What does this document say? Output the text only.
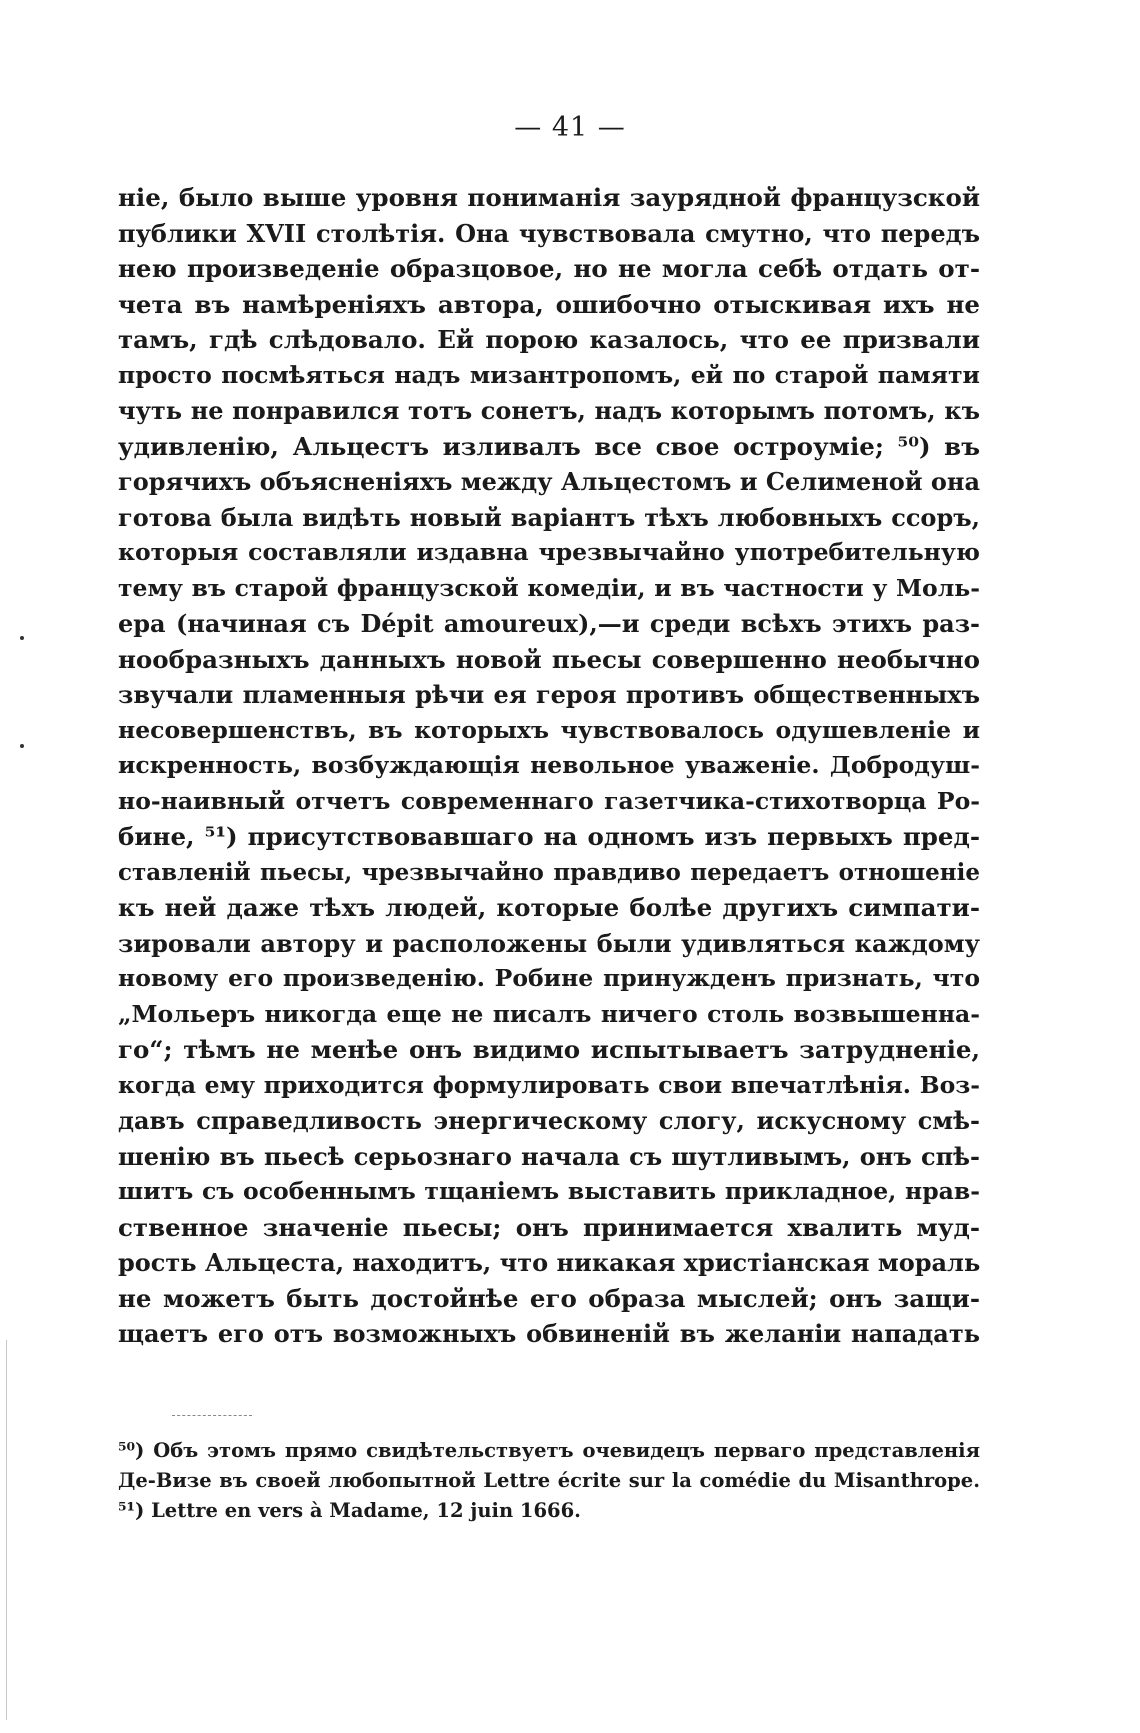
— 41 —
ніе, было выше уровня пониманія заурядной французской
публики XVII столѣтія. Она чувствовала смутно, что передъ
нею произведеніе образцовое, но не могла себѣ отдать от-
чета въ намѣреніяхъ автора, ошибочно отыскивая ихъ не
тамъ, гдѣ слѣдовало. Ей порою казалось, что ее призвали
просто посмѣяться надъ мизантропомъ, ей по старой памяти
чуть не понравился тотъ сонетъ, надъ которымъ потомъ, къ
удивленію, Альцестъ изливалъ все свое остроуміе; ⁵⁰) въ
горячихъ объясненіяхъ между Альцестомъ и Селименой она
готова была видѣть новый варіантъ тѣхъ любовныхъ ссоръ,
которыя составляли издавна чрезвычайно употребительную
тему въ старой французской комедіи, и въ частности у Моль-
ера (начиная съ Dépit amoureux),—и среди всѣхъ этихъ раз-
нообразныхъ данныхъ новой пьесы совершенно необычно
звучали пламенныя рѣчи ея героя противъ общественныхъ
несовершенствъ, въ которыхъ чувствовалось одушевленіе и
искренность, возбуждающія невольное уваженіе. Добродуш-
но-наивный отчетъ современнаго газетчика-стихотворца Ро-
бине, ⁵¹) присутствовавшаго на одномъ изъ первыхъ пред-
ставленій пьесы, чрезвычайно правдиво передаетъ отношеніе
къ ней даже тѣхъ людей, которые болѣе другихъ симпати-
зировали автору и расположены были удивляться каждому
новому его произведенію. Робине принужденъ признать, что
„Мольеръ никогда еще не писалъ ничего столь возвышенна-
го“; тѣмъ не менѣе онъ видимо испытываетъ затрудненіе,
когда ему приходится формулировать свои впечатлѣнія. Воз-
давъ справедливость энергическому слогу, искусному смѣ-
шенію въ пьесѣ серьознаго начала съ шутливымъ, онъ спѣ-
шитъ съ особеннымъ тщаніемъ выставить прикладное, нрав-
ственное значеніе пьесы; онъ принимается хвалить муд-
рость Альцеста, находитъ, что никакая христіанская мораль
не можетъ быть достойнѣе его образа мыслей; онъ защи-
щаетъ его отъ возможныхъ обвиненій въ желаніи нападать
⁵⁰) Объ этомъ прямо свидѣтельствуетъ очевидецъ перваго представленія
Де-Визе въ своей любопытной Lettre écrite sur la comédie du Misanthrope.
⁵¹) Lettre en vers à Madame, 12 juin 1666.
